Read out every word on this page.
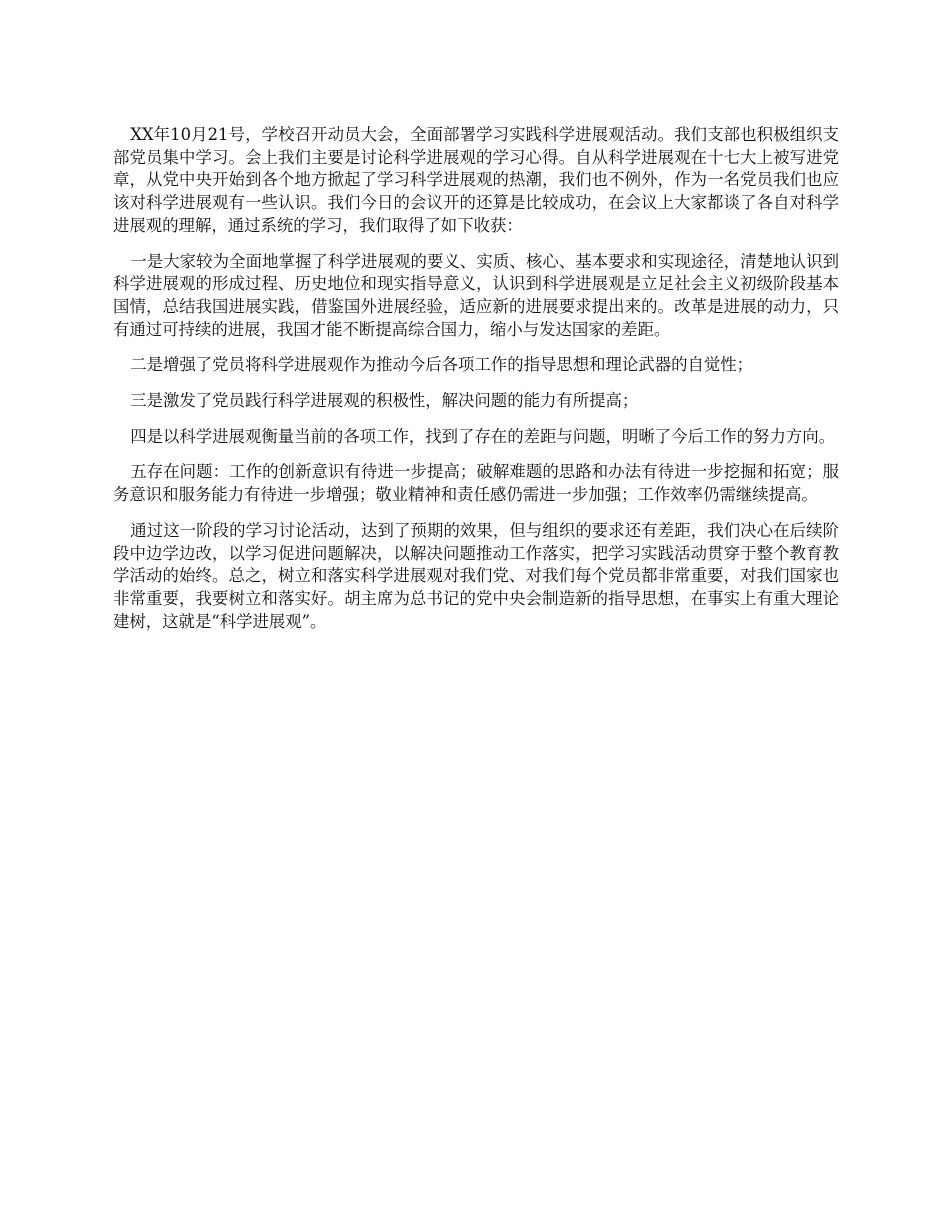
XX年10月21号，学校召开动员大会，全面部署学习实践科学进展观活动。我们支部也积极组织支部党员集中学习。会上我们主要是讨论科学进展观的学习心得。自从科学进展观在十七大上被写进党章，从党中央开始到各个地方掀起了学习科学进展观的热潮，我们也不例外，作为一名党员我们也应该对科学进展观有一些认识。我们今日的会议开的还算是比较成功，在会议上大家都谈了各自对科学进展观的理解，通过系统的学习，我们取得了如下收获：

一是大家较为全面地掌握了科学进展观的要义、实质、核心、基本要求和实现途径，清楚地认识到科学进展观的形成过程、历史地位和现实指导意义，认识到科学进展观是立足社会主义初级阶段基本国情，总结我国进展实践，借鉴国外进展经验，适应新的进展要求提出来的。改革是进展的动力，只有通过可持续的进展，我国才能不断提高综合国力，缩小与发达国家的差距。

二是增强了党员将科学进展观作为推动今后各项工作的指导思想和理论武器的自觉性；

三是激发了党员践行科学进展观的积极性，解决问题的能力有所提高；

四是以科学进展观衡量当前的各项工作，找到了存在的差距与问题，明晰了今后工作的努力方向。

五存在问题：工作的创新意识有待进一步提高；破解难题的思路和办法有待进一步挖掘和拓宽；服务意识和服务能力有待进一步增强；敬业精神和责任感仍需进一步加强；工作效率仍需继续提高。

通过这一阶段的学习讨论活动，达到了预期的效果，但与组织的要求还有差距，我们决心在后续阶段中边学边改，以学习促进问题解决，以解决问题推动工作落实，把学习实践活动贯穿于整个教育教学活动的始终。总之，树立和落实科学进展观对我们党、对我们每个党员都非常重要，对我们国家也非常重要，我要树立和落实好。胡主席为总书记的党中央会制造新的指导思想，在事实上有重大理论建树，这就是“科学进展观”。
